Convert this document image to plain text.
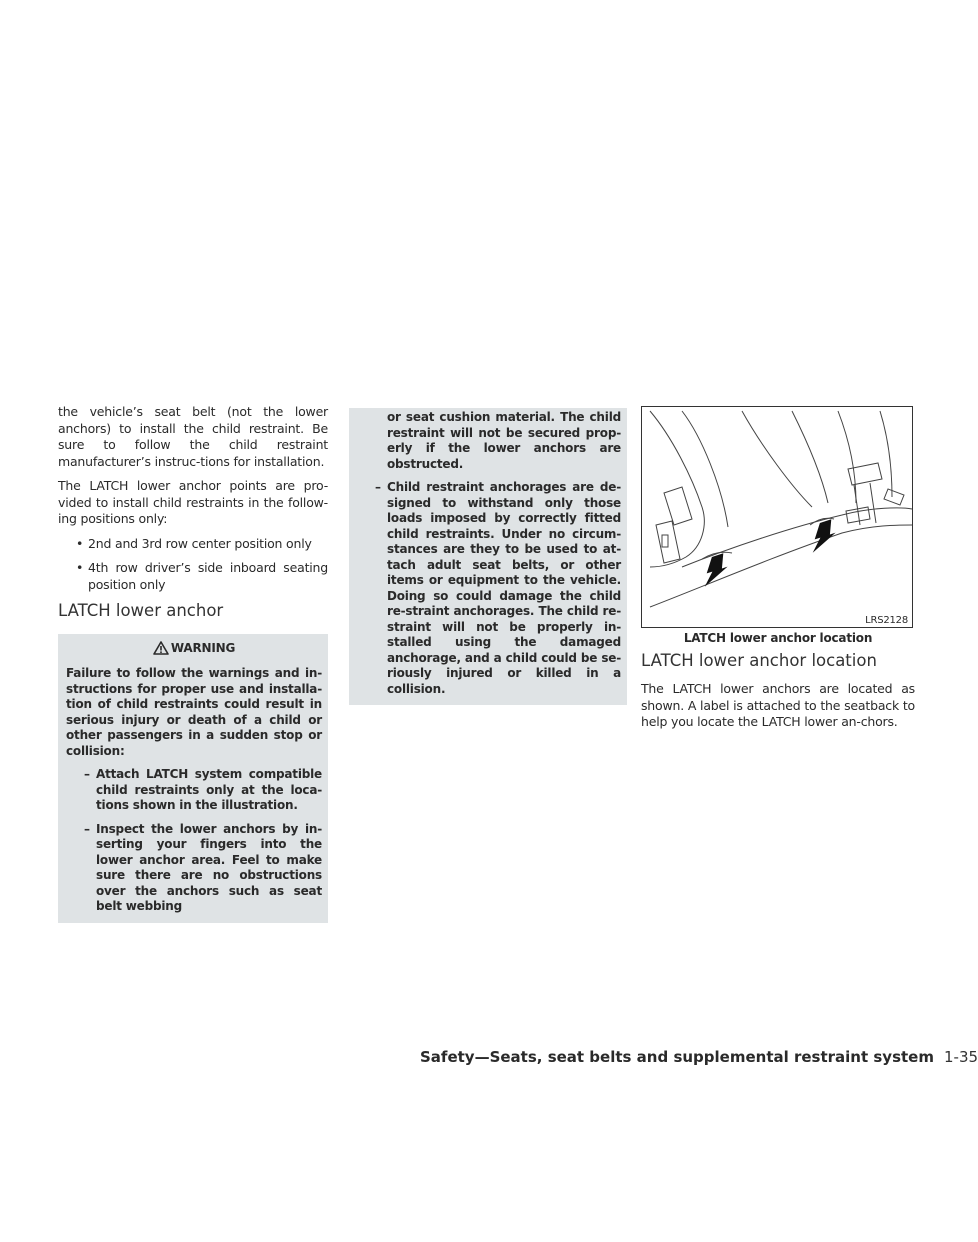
the vehicle’s seat belt (not the lower anchors) to install the child restraint. Be sure to follow the child restraint manufacturer’s instruc-tions for installation.

The LATCH lower anchor points are pro-vided to install child restraints in the follow-ing positions only:

• 2nd and 3rd row center position only
• 4th row driver’s side inboard seating position only
LATCH lower anchor
WARNING

Failure to follow the warnings and in-structions for proper use and installa-tion of child restraints could result in serious injury or death of a child or other passengers in a sudden stop or collision:

– Attach LATCH system compatible child restraints only at the loca-tions shown in the illustration.
– Inspect the lower anchors by in-serting your fingers into the lower anchor area. Feel to make sure there are no obstructions over the anchors such as seat belt webbing

or seat cushion material. The child restraint will not be secured prop-erly if the lower anchors are obstructed.

– Child restraint anchorages are de-signed to withstand only those loads imposed by correctly fitted child restraints. Under no circum-stances are they to be used to at-tach adult seat belts, or other items or equipment to the vehicle. Doing so could damage the child re-straint anchorages. The child re-straint will not be properly in-stalled using the damaged anchorage, and a child could be se-riously injured or killed in a collision.
LRS2128
LATCH lower anchor location
LATCH lower anchor location

The LATCH lower anchors are located as shown. A label is attached to the seatback to help you locate the LATCH lower an-chors.

Safety—Seats, seat belts and supplemental restraint system 1-35
